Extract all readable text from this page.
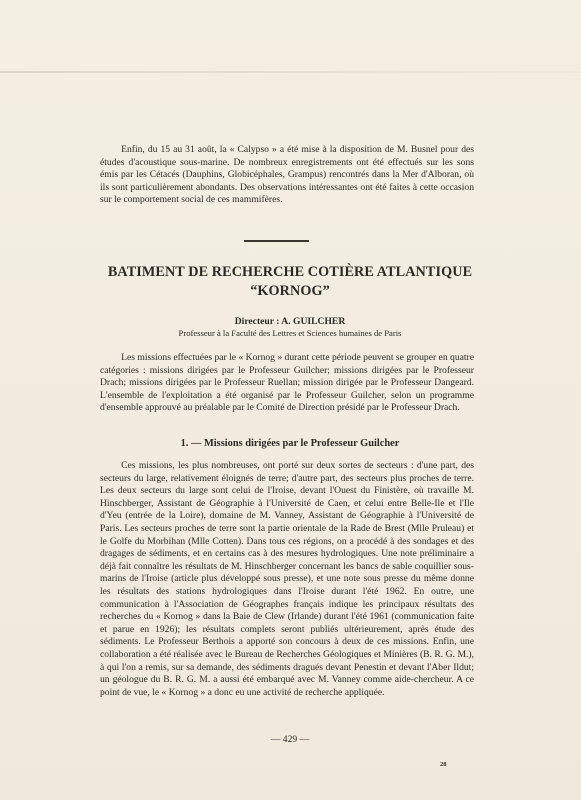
Enfin, du 15 au 31 août, la « Calypso » a été mise à la disposition de M. Busnel pour des études d'acoustique sous-marine. De nombreux enregistrements ont été effectués sur les sons émis par les Cétacés (Dauphins, Globicéphales, Grampus) rencontrés dans la Mer d'Alboran, où ils sont particulièrement abondants. Des observations intéressantes ont été faites à cette occasion sur le comportement social de ces mammifères.

BATIMENT DE RECHERCHE COTIÈRE ATLANTIQUE
“KORNOG”

Directeur : A. GUILCHER

Professeur à la Faculté des Lettres et Sciences humaines de Paris

Les missions effectuées par le « Kornog » durant cette période peuvent se grouper en quatre catégories : missions dirigées par le Professeur Guilcher; missions dirigées par le Professeur Drach; missions dirigées par le Professeur Ruellan; mission dirigée par le Professeur Dangeard. L'ensemble de l'exploitation a été organisé par le Professeur Guilcher, selon un programme d'ensemble approuvé au préalable par le Comité de Direction présidé par le Professeur Drach.

1. — Missions dirigées par le Professeur Guilcher

Ces missions, les plus nombreuses, ont porté sur deux sortes de secteurs : d'une part, des secteurs du large, relativement éloignés de terre; d'autre part, des secteurs plus proches de terre. Les deux secteurs du large sont celui de l'Iroise, devant l'Ouest du Finistère, où travaille M. Hinschberger, Assistant de Géographie à l'Université de Caen, et celui entre Belle-Ile et l'Ile d'Yeu (entrée de la Loire), domaine de M. Vanney, Assistant de Géographie à l'Université de Paris. Les secteurs proches de terre sont la partie orientale de la Rade de Brest (Mlle Pruleau) et le Golfe du Morbihan (Mlle Cotten). Dans tous ces régions, on a procédé à des sondages et des dragages de sédiments, et en certains cas à des mesures hydrologiques. Une note préliminaire a déjà fait connaître les résultats de M. Hinschberger concernant les bancs de sable coquillier sous-marins de l'Iroise (article plus développé sous presse), et une note sous presse du même donne les résultats des stations hydrologiques dans l'Iroise durant l'été 1962. En outre, une communication à l'Association de Géographes français indique les principaux résultats des recherches du « Kornog » dans la Baie de Clew (Irlande) durant l'été 1961 (communication faite et parue en 1926); les résultats complets seront publiés ultérieurement, après étude des sédiments. Le Professeur Berthois a apporté son concours à deux de ces missions. Enfin, une collaboration a été réalisée avec le Bureau de Recherches Géologiques et Minières (B. R. G. M.), à qui l'on a remis, sur sa demande, des sédiments dragués devant Penestin et devant l'Aber Ildut; un géologue du B. R. G. M. a aussi été embarqué avec M. Vanney comme aide-chercheur. A ce point de vue, le « Kornog » a donc eu une activité de recherche appliquée.

— 429 —

28
